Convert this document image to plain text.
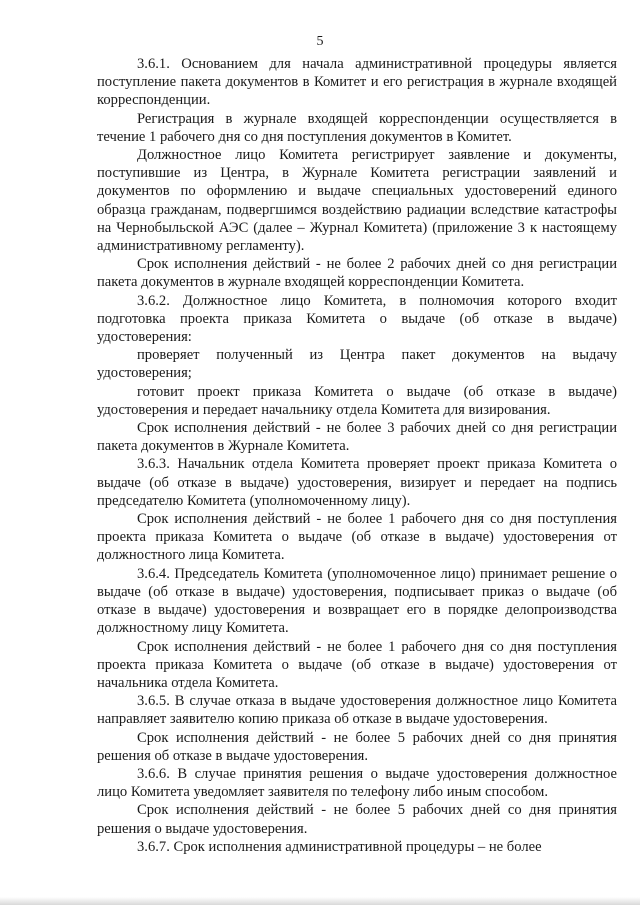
5

3.6.1. Основанием для начала административной процедуры является поступление пакета документов в Комитет и его регистрация в журнале входящей корреспонденции.

Регистрация в журнале входящей корреспонденции осуществляется в течение 1 рабочего дня со дня поступления документов в Комитет.

Должностное лицо Комитета регистрирует заявление и документы, поступившие из Центра, в Журнале Комитета регистрации заявлений и документов по оформлению и выдаче специальных удостоверений единого образца гражданам, подвергшимся воздействию радиации вследствие катастрофы на Чернобыльской АЭС (далее – Журнал Комитета) (приложение 3 к настоящему административному регламенту).

Срок исполнения действий - не более 2 рабочих дней со дня регистрации пакета документов в журнале входящей корреспонденции Комитета.

3.6.2. Должностное лицо Комитета, в полномочия которого входит подготовка проекта приказа Комитета о выдаче (об отказе в выдаче) удостоверения:

проверяет полученный из Центра пакет документов на выдачу удостоверения;

готовит проект приказа Комитета о выдаче (об отказе в выдаче) удостоверения и передает начальнику отдела Комитета для визирования.

Срок исполнения действий - не более 3 рабочих дней со дня регистрации пакета документов в Журнале Комитета.

3.6.3. Начальник отдела Комитета проверяет проект приказа Комитета о выдаче (об отказе в выдаче) удостоверения, визирует и передает на подпись председателю Комитета (уполномоченному лицу).

Срок исполнения действий - не более 1 рабочего дня со дня поступления проекта приказа Комитета о выдаче (об отказе в выдаче) удостоверения от должностного лица Комитета.

3.6.4. Председатель Комитета (уполномоченное лицо) принимает решение о выдаче (об отказе в выдаче) удостоверения, подписывает приказ о выдаче (об отказе в выдаче) удостоверения и возвращает его в порядке делопроизводства должностному лицу Комитета.

Срок исполнения действий - не более 1 рабочего дня со дня поступления проекта приказа Комитета о выдаче (об отказе в выдаче) удостоверения от начальника отдела Комитета.

3.6.5. В случае отказа в выдаче удостоверения должностное лицо Комитета направляет заявителю копию приказа об отказе в выдаче удостоверения.

Срок исполнения действий - не более 5 рабочих дней со дня принятия решения об отказе в выдаче удостоверения.

3.6.6. В случае принятия решения о выдаче удостоверения должностное лицо Комитета уведомляет заявителя по телефону либо иным способом.

Срок исполнения действий - не более 5 рабочих дней со дня принятия решения о выдаче удостоверения.

3.6.7. Срок исполнения административной процедуры – не более
